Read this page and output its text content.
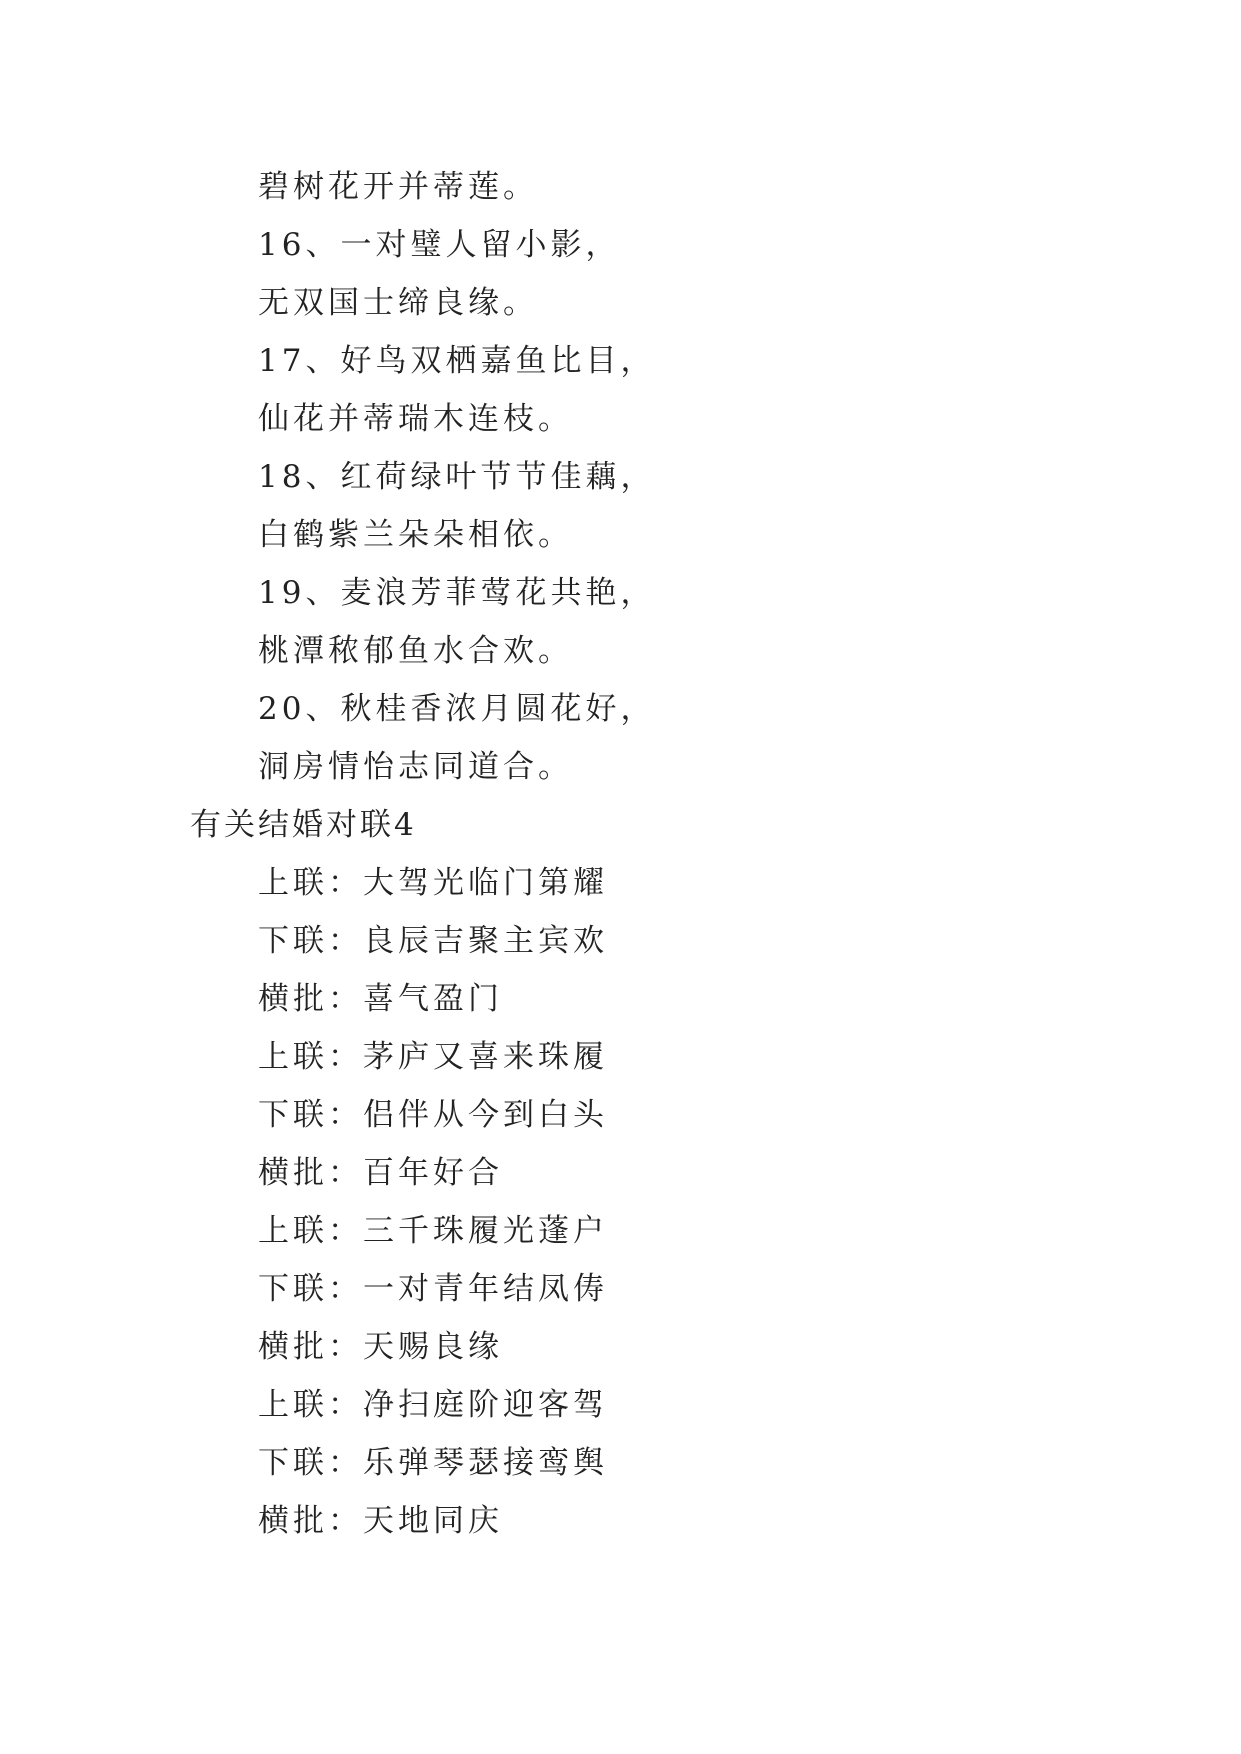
碧树花开并蒂莲。

16、一对璧人留小影，

无双国士缔良缘。

17、好鸟双栖嘉鱼比目，

仙花并蒂瑞木连枝。

18、红荷绿叶节节佳藕，

白鹤紫兰朵朵相依。

19、麦浪芳菲莺花共艳，

桃潭秾郁鱼水合欢。

20、秋桂香浓月圆花好，

洞房情怡志同道合。

有关结婚对联4

上联：大驾光临门第耀

下联：良辰吉聚主宾欢

横批：喜气盈门

上联：茅庐又喜来珠履

下联：侣伴从今到白头

横批：百年好合

上联：三千珠履光蓬户

下联：一对青年结凤俦

横批：天赐良缘

上联：净扫庭阶迎客驾

下联：乐弹琴瑟接鸾舆

横批：天地同庆
